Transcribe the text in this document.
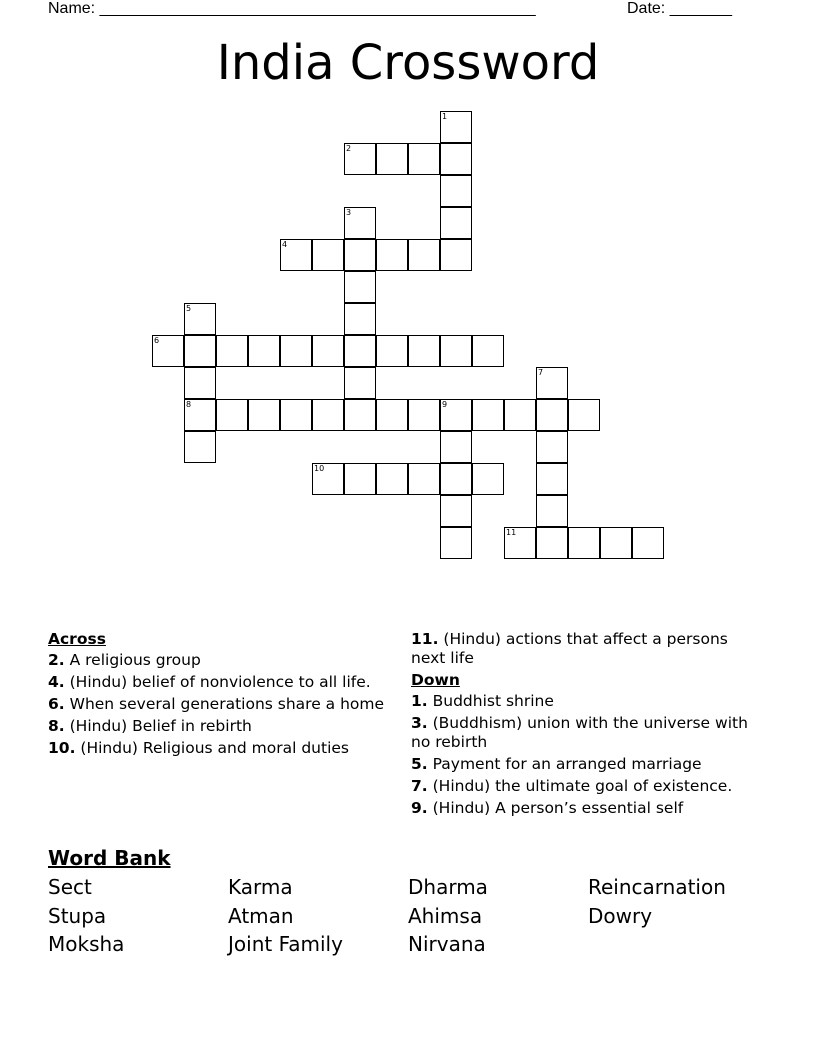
Name: _________________________________________________	Date: _______
India Crossword
1
2
3
4
5
6
7
8	9
10
11
Across
2. A religious group
4. (Hindu) belief of nonviolence to all life.
6. When several generations share a home
8. (Hindu) Belief in rebirth
10. (Hindu) Religious and moral duties
11. (Hindu) actions that affect a persons next life
Down
1. Buddhist shrine
3. (Buddhism) union with the universe with no rebirth
5. Payment for an arranged marriage
7. (Hindu) the ultimate goal of existence.
9. (Hindu) A person’s essential self
Word Bank
Sect	Karma	Dharma	Reincarnation
Stupa	Atman	Ahimsa	Dowry
Moksha	Joint Family	Nirvana
